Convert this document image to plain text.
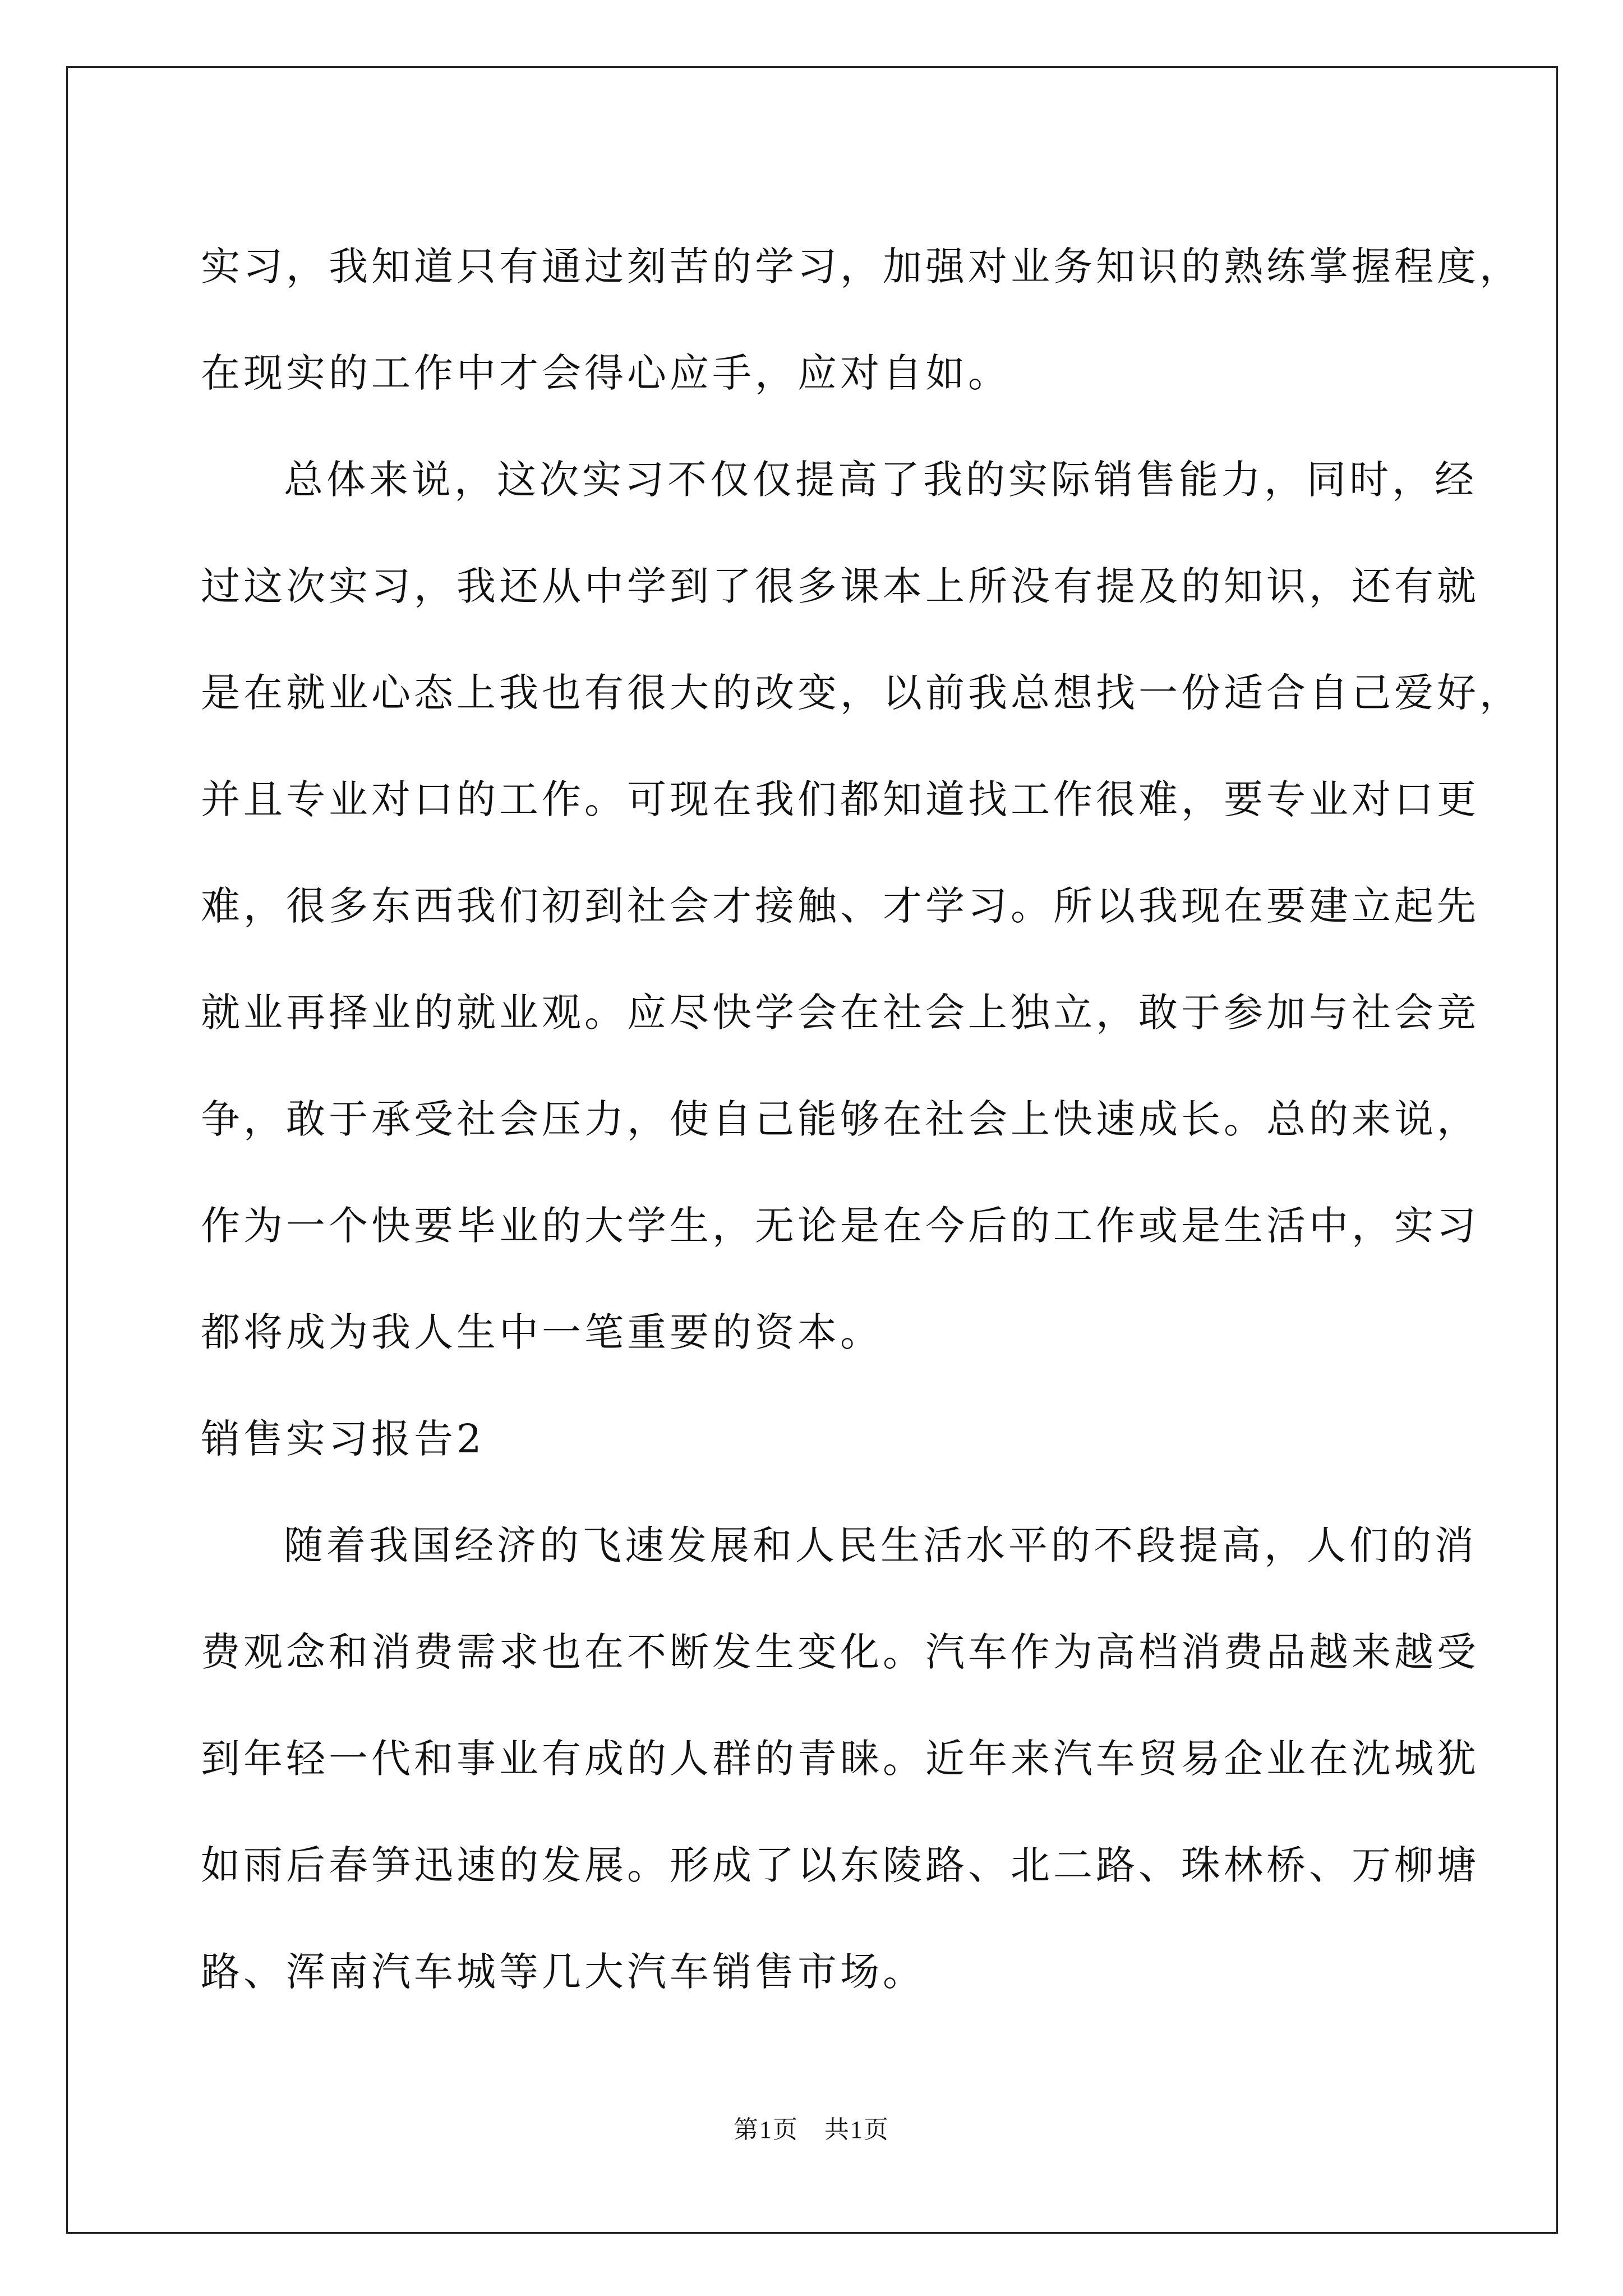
实习，我知道只有通过刻苦的学习，加强对业务知识的熟练掌握程度，

在现实的工作中才会得心应手，应对自如。

总体来说，这次实习不仅仅提高了我的实际销售能力，同时，经

过这次实习，我还从中学到了很多课本上所没有提及的知识，还有就

是在就业心态上我也有很大的改变，以前我总想找一份适合自己爱好，

并且专业对口的工作。可现在我们都知道找工作很难，要专业对口更

难，很多东西我们初到社会才接触、才学习。所以我现在要建立起先

就业再择业的就业观。应尽快学会在社会上独立，敢于参加与社会竞

争，敢于承受社会压力，使自己能够在社会上快速成长。总的来说，

作为一个快要毕业的大学生，无论是在今后的工作或是生活中，实习

都将成为我人生中一笔重要的资本。

销售实习报告2

随着我国经济的飞速发展和人民生活水平的不段提高，人们的消

费观念和消费需求也在不断发生变化。汽车作为高档消费品越来越受

到年轻一代和事业有成的人群的青睐。近年来汽车贸易企业在沈城犹

如雨后春笋迅速的发展。形成了以东陵路、北二路、珠林桥、万柳塘

路、浑南汽车城等几大汽车销售市场。

第1页　共1页
